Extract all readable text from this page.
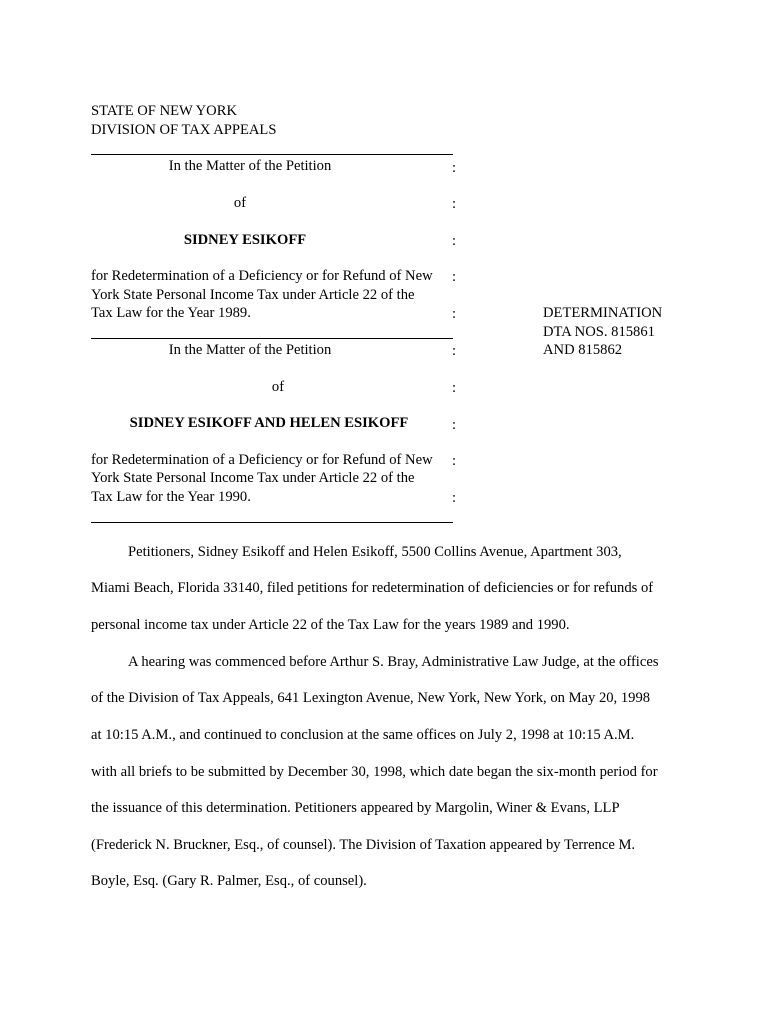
STATE OF NEW YORK
DIVISION OF TAX APPEALS
In the Matter of the Petition	:
of	:
SIDNEY ESIKOFF	:
for Redetermination of a Deficiency or for Refund of New :
York State Personal Income Tax under Article 22 of the
Tax Law for the Year 1989.	:	DETERMINATION
DTA NOS. 815861
AND 815862
In the Matter of the Petition	:
of	:
SIDNEY ESIKOFF AND HELEN ESIKOFF	:
for Redetermination of a Deficiency or for Refund of New :
York State Personal Income Tax under Article 22 of the
Tax Law for the Year 1990.	:
Petitioners, Sidney Esikoff and Helen Esikoff, 5500 Collins Avenue, Apartment 303,
Miami Beach, Florida 33140, filed petitions for redetermination of deficiencies or for refunds of
personal income tax under Article 22 of the Tax Law for the years 1989 and 1990.
A hearing was commenced before Arthur S. Bray, Administrative Law Judge, at the offices
of the Division of Tax Appeals, 641 Lexington Avenue, New York, New York, on May 20, 1998
at 10:15 A.M., and continued to conclusion at the same offices on July 2, 1998 at 10:15 A.M.
with all briefs to be submitted by December 30, 1998, which date began the six-month period for
the issuance of this determination. Petitioners appeared by Margolin, Winer & Evans, LLP
(Frederick N. Bruckner, Esq., of counsel). The Division of Taxation appeared by Terrence M.
Boyle, Esq. (Gary R. Palmer, Esq., of counsel).
